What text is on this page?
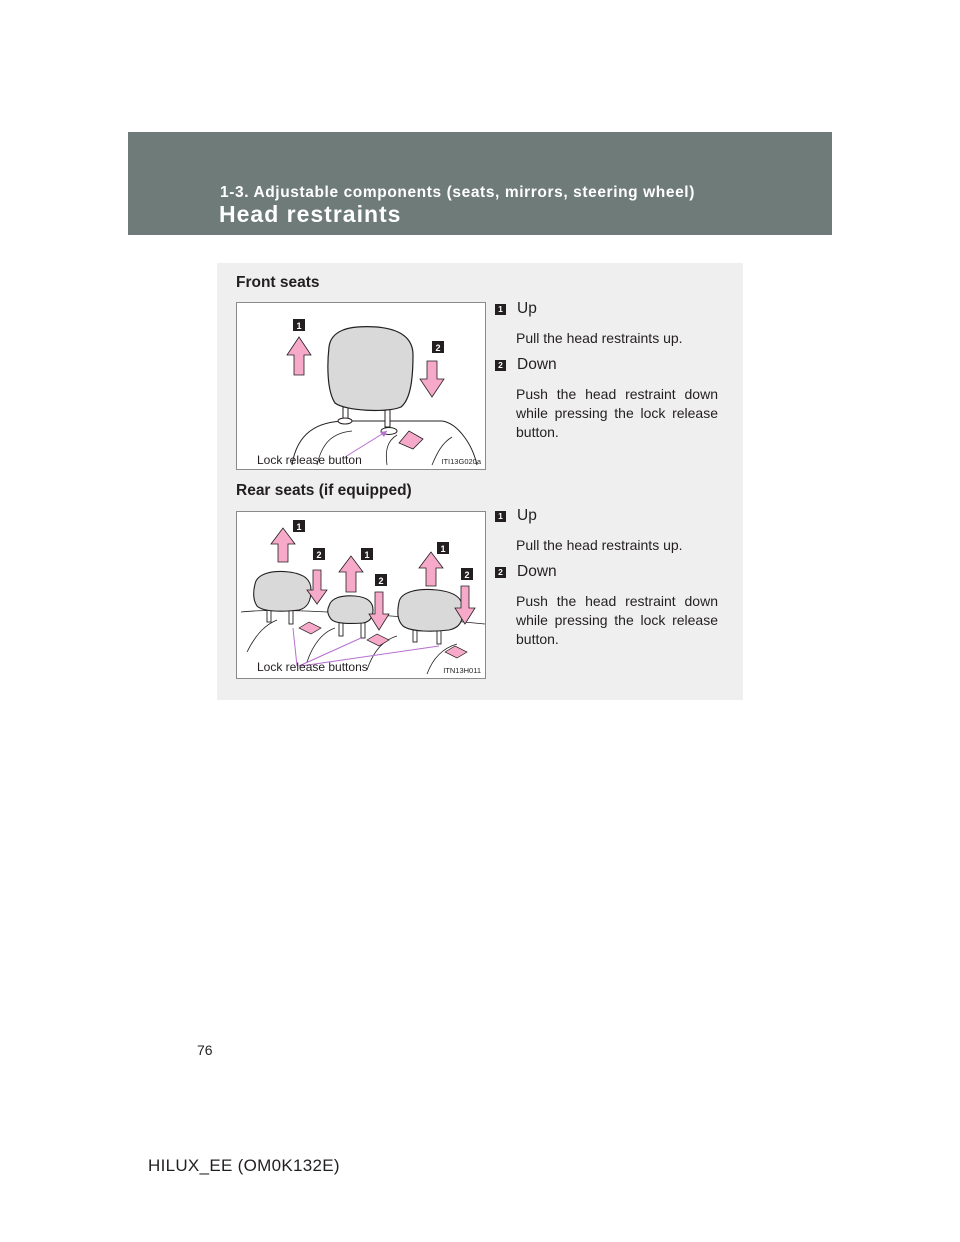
1-3. Adjustable components (seats, mirrors, steering wheel)
Head restraints
Front seats
1
2
Lock release button	ITI13G020a
1 Up
Pull the head restraints up.
2 Down
Push the head restraint down while pressing the lock release button.
Rear seats (if equipped)
1
2	1
2
1
2
Lock release buttons	ITN13H011
1 Up
Pull the head restraints up.
2 Down
Push the head restraint down while pressing the lock release button.
76
HILUX_EE (OM0K132E)
